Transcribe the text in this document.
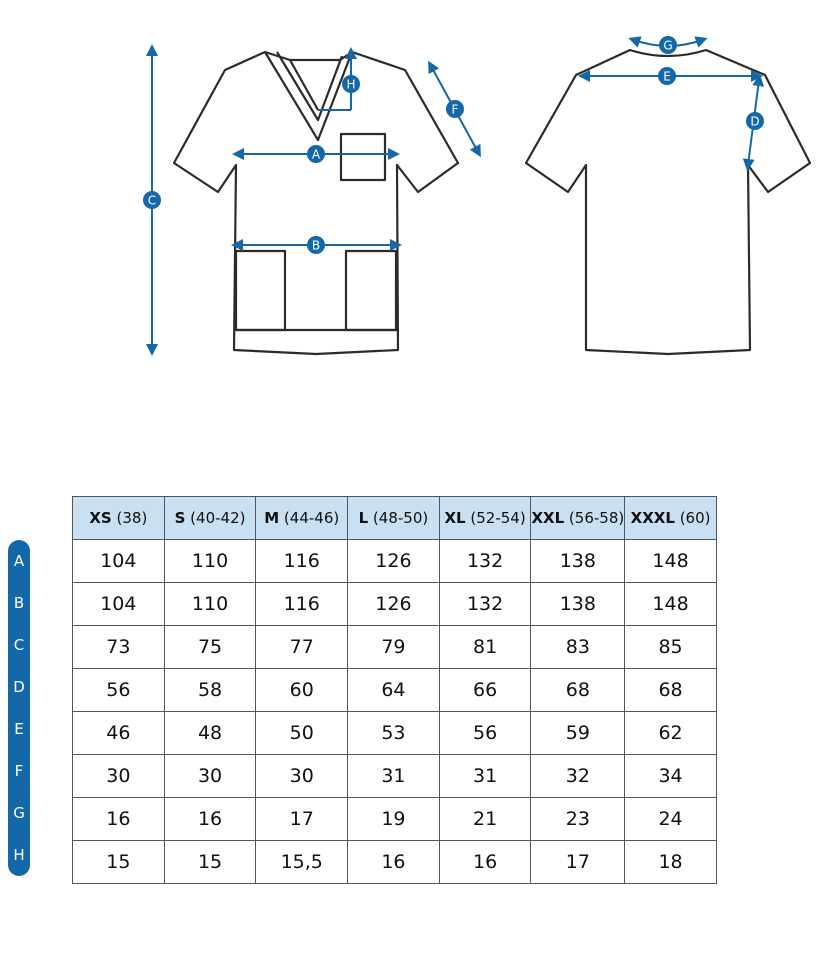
C
A
B
F
H
E
G
D
A
B
C
D
E
F
G
H
XS (38)	S (40-42)	M (44-46)	L (48-50)	XL (52-54)	XXL (56-58)	XXXL (60)
104	110	116	126	132	138	148
104	110	116	126	132	138	148
73	75	77	79	81	83	85
56	58	60	64	66	68	68
46	48	50	53	56	59	62
30	30	30	31	31	32	34
16	16	17	19	21	23	24
15	15	15,5	16	16	17	18
